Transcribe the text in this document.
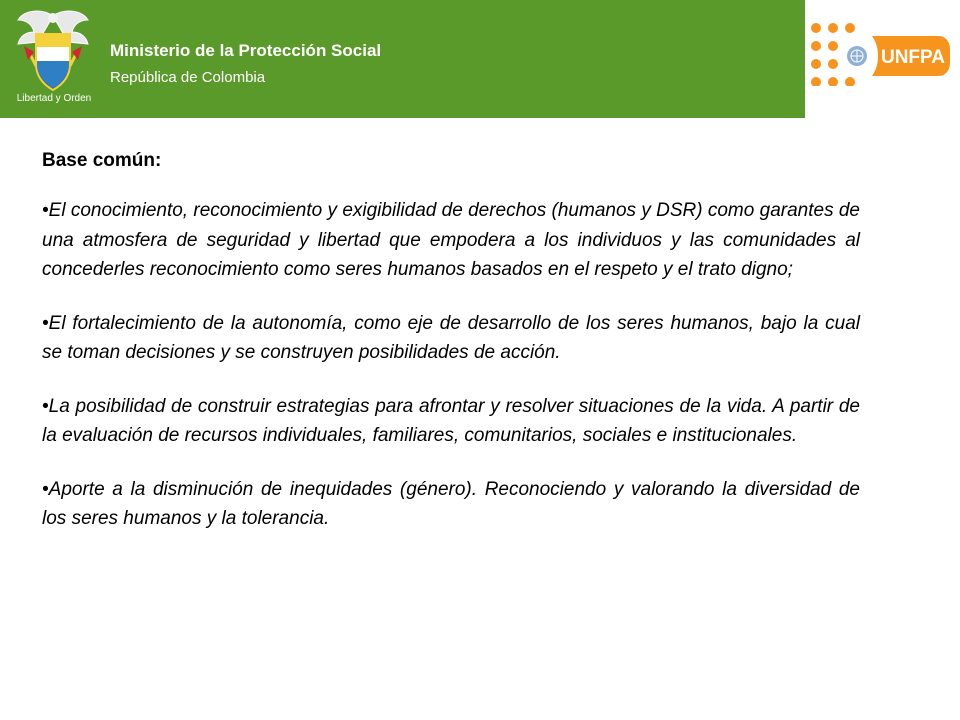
Libertad y Orden
Ministerio de la Protección Social
República de Colombia
UNFPA
Base común:

•El conocimiento, reconocimiento y exigibilidad de derechos (humanos y DSR) como garantes de una atmosfera de seguridad y libertad que empodera a los individuos y las comunidades al concederles reconocimiento como seres humanos basados en el respeto y el trato digno;

•El fortalecimiento de la autonomía, como eje de desarrollo de los seres humanos, bajo la cual se toman decisiones y se construyen posibilidades de acción.

•La posibilidad de construir estrategias para afrontar y resolver situaciones de la vida. A partir de la evaluación de recursos individuales, familiares, comunitarios, sociales e institucionales.

•Aporte a la disminución de inequidades (género). Reconociendo y valorando la diversidad de los seres humanos y la tolerancia.
